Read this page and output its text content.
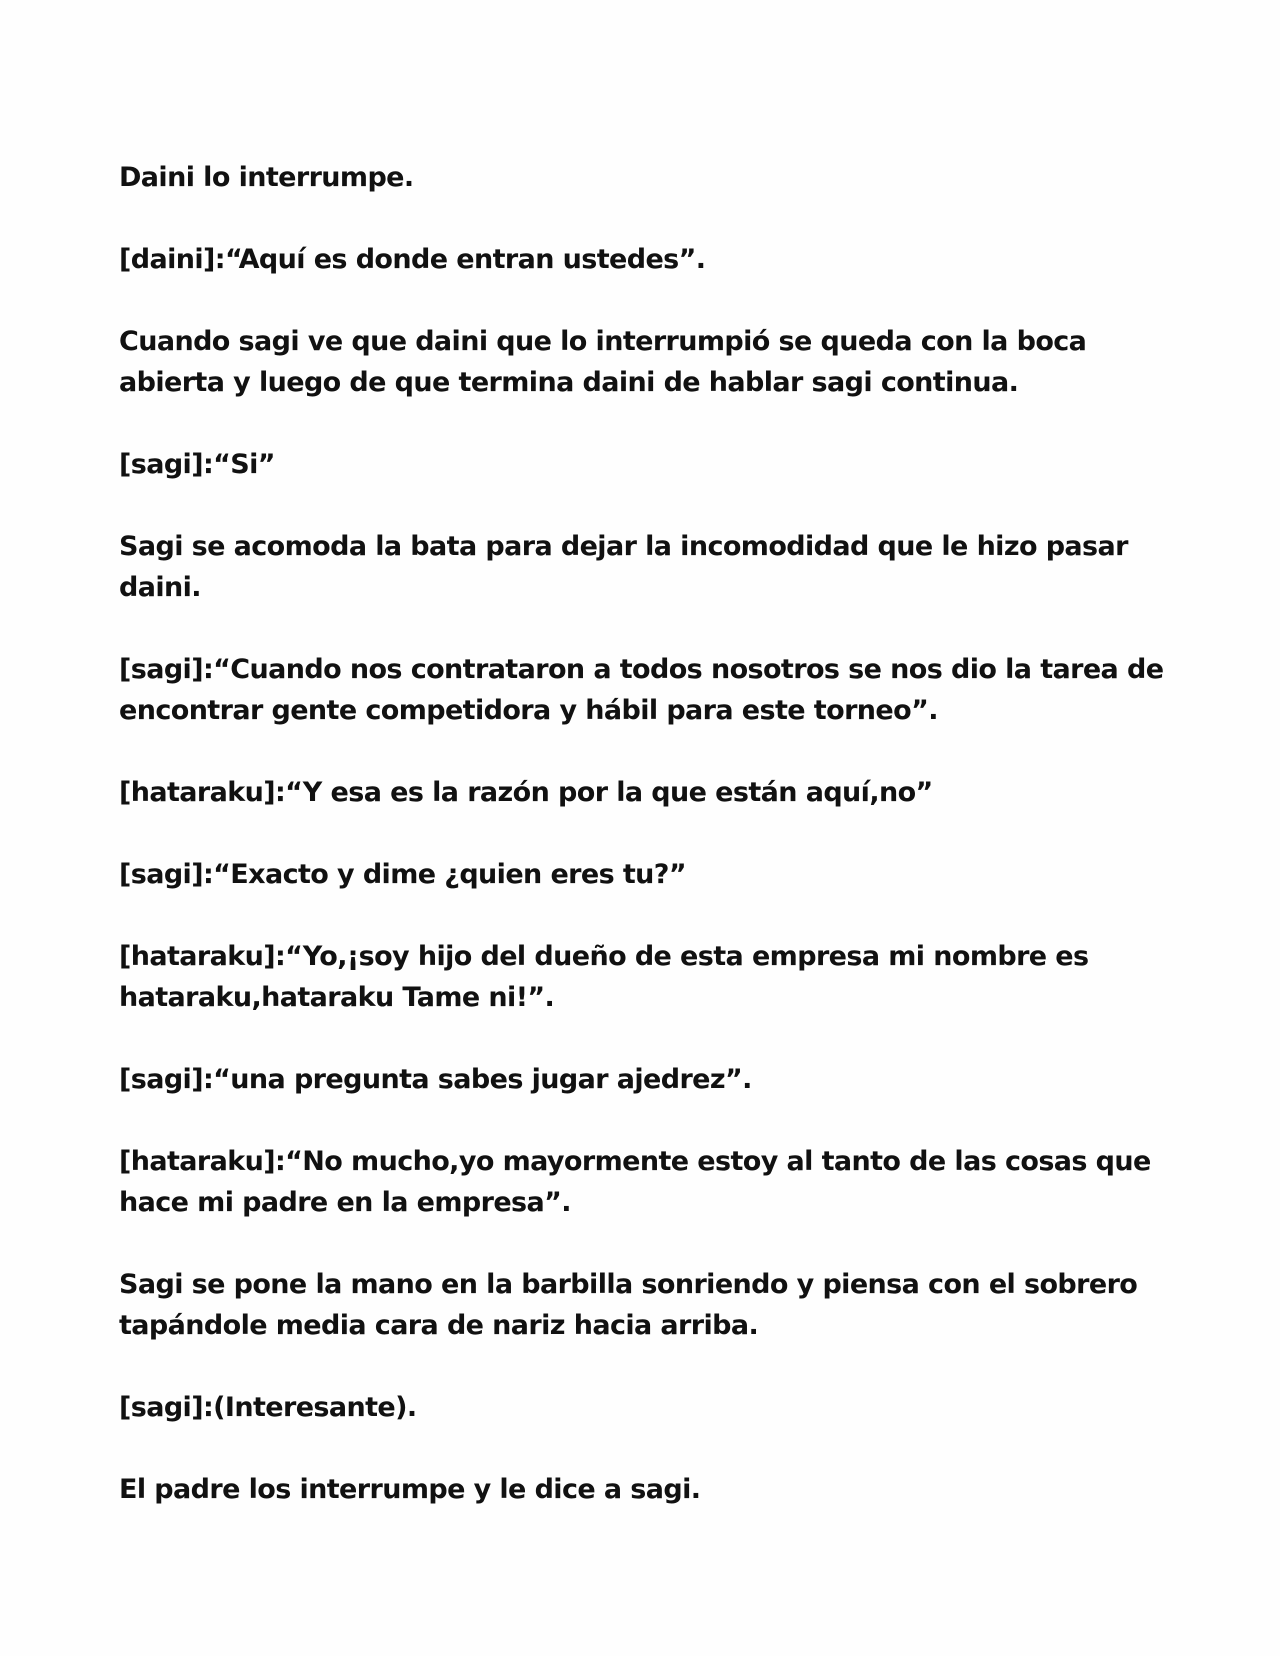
Daini lo interrumpe.

[daini]:“Aquí es donde entran ustedes”.

Cuando sagi ve que daini que lo interrumpió se queda con la boca abierta y luego de que termina daini de hablar sagi continua.

[sagi]:“Si”

Sagi se acomoda la bata para dejar la incomodidad que le hizo pasar daini.

[sagi]:“Cuando nos contrataron a todos nosotros se nos dio la tarea de encontrar gente competidora y hábil para este torneo”.

[hataraku]:“Y esa es la razón por la que están aquí,no”

[sagi]:“Exacto y dime ¿quien eres tu?”

[hataraku]:“Yo,¡soy hijo del dueño de esta empresa mi nombre es hataraku,hataraku Tame ni!”.

[sagi]:“una pregunta sabes jugar ajedrez”.

[hataraku]:“No mucho,yo mayormente estoy al tanto de las cosas que hace mi padre en la empresa”.

Sagi se pone la mano en la barbilla sonriendo y piensa con el sobrero tapándole media cara de nariz hacia arriba.

[sagi]:(Interesante).

El padre los interrumpe y le dice a sagi.
